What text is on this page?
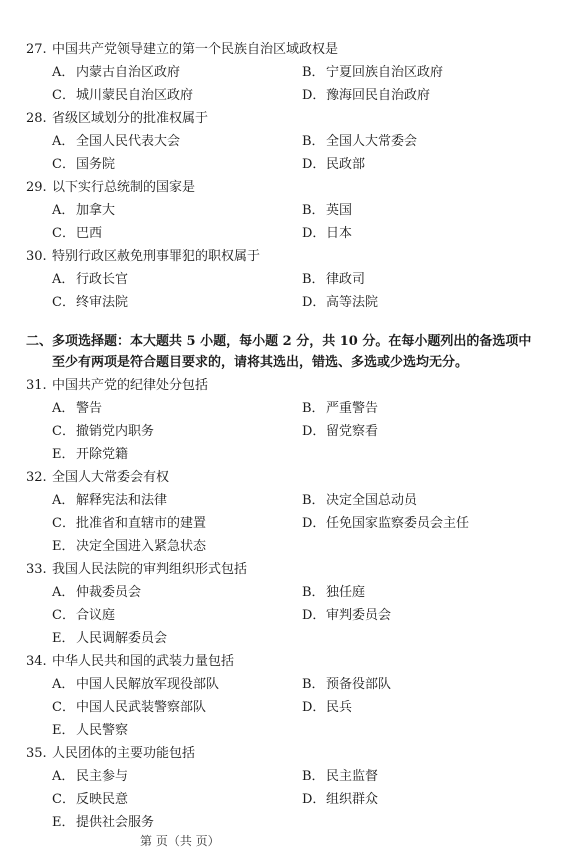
27. 中国共产党领导建立的第一个民族自治区域政权是
A． 内蒙古自治区政府	B．宁夏回族自治区政府
C．城川蒙民自治区政府	D．豫海回民自治政府
28. 省级区域划分的批准权属于
A． 全国人民代表大会	B．全国人大常委会
C．国务院	D．民政部
29. 以下实行总统制的国家是
A． 加拿大	B．英国
C．巴西	D．日本
30. 特别行政区赦免刑事罪犯的职权属于
A． 行政长官	B．律政司
C．终审法院	D．高等法院
二、多项选择题：本大题共 5 小题，每小题 2 分，共 10 分。在每小题列出的备选项中
至少有两项是符合题目要求的，请将其选出，错选、多选或少选均无分。
31. 中国共产党的纪律处分包括
A． 警告	B．严重警告
C．撤销党内职务	D．留党察看
E． 开除党籍
32. 全国人大常委会有权
A． 解释宪法和法律	B．决定全国总动员
C．批准省和直辖市的建置	D．任免国家监察委员会主任
E． 决定全国进入紧急状态
33. 我国人民法院的审判组织形式包括
A． 仲裁委员会	B．独任庭
C．合议庭	D．审判委员会
E． 人民调解委员会
34. 中华人民共和国的武装力量包括
A． 中国人民解放军现役部队	B．预备役部队
C．中国人民武装警察部队	D．民兵
E． 人民警察
35. 人民团体的主要功能包括
A． 民主参与	B．民主监督
C．反映民意	D．组织群众
E． 提供社会服务
第 页（共 页）
